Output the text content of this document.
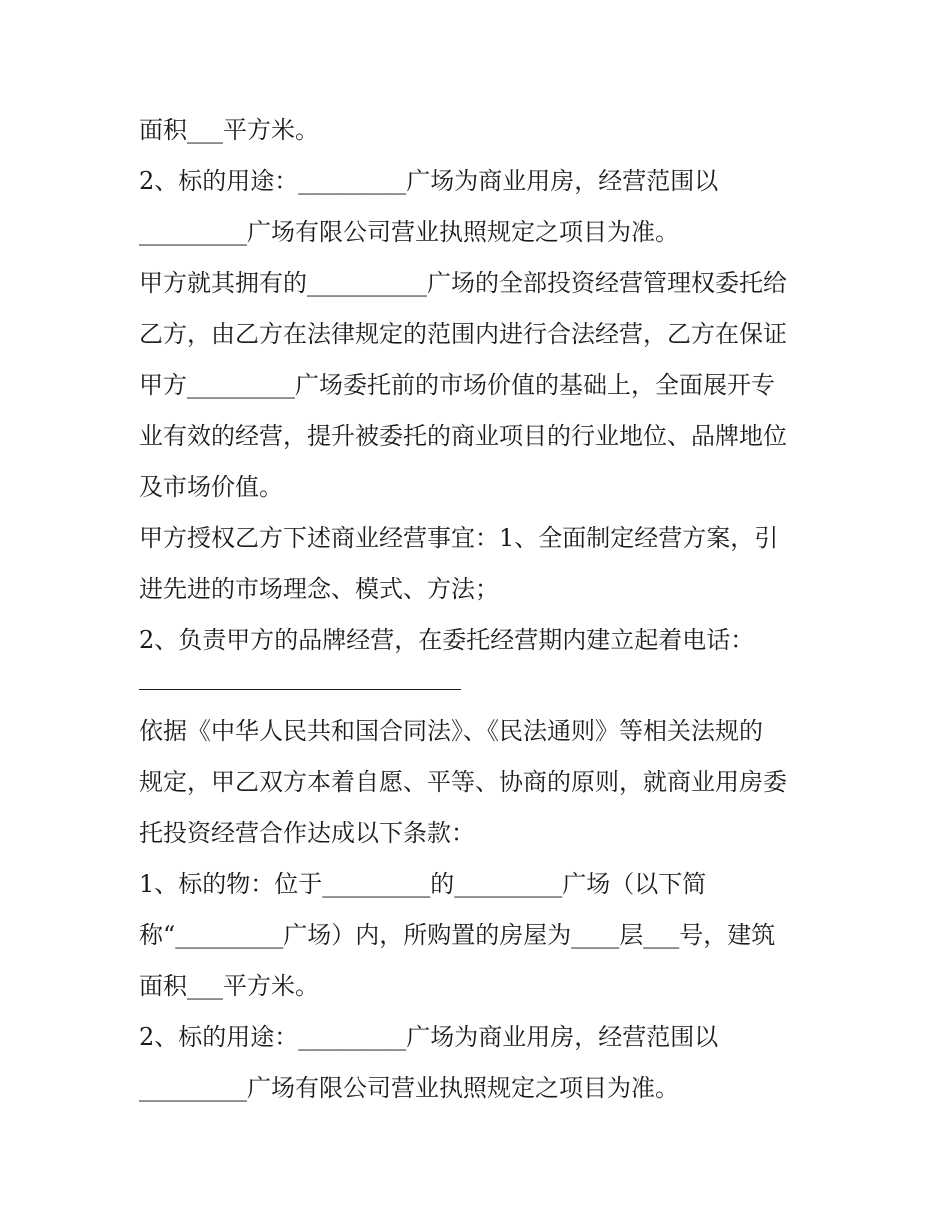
面积___平方米。
2、标的用途：_________广场为商业用房，经营范围以
_________广场有限公司营业执照规定之项目为准。
甲方就其拥有的__________广场的全部投资经营管理权委托给
乙方，由乙方在法律规定的范围内进行合法经营，乙方在保证
甲方_________广场委托前的市场价值的基础上，全面展开专
业有效的经营，提升被委托的商业项目的行业地位、品牌地位
及市场价值。
甲方授权乙方下述商业经营事宜：1、全面制定经营方案，引
进先进的市场理念、模式、方法；
2、负责甲方的品牌经营，在委托经营期内建立起着电话：
依据《中华人民共和国合同法》、《民法通则》等相关法规的
规定，甲乙双方本着自愿、平等、协商的原则，就商业用房委
托投资经营合作达成以下条款：
1、标的物：位于_________的_________广场（以下简
称“_________广场）内，所购置的房屋为____层___号，建筑
面积___平方米。
2、标的用途：_________广场为商业用房，经营范围以
_________广场有限公司营业执照规定之项目为准。
